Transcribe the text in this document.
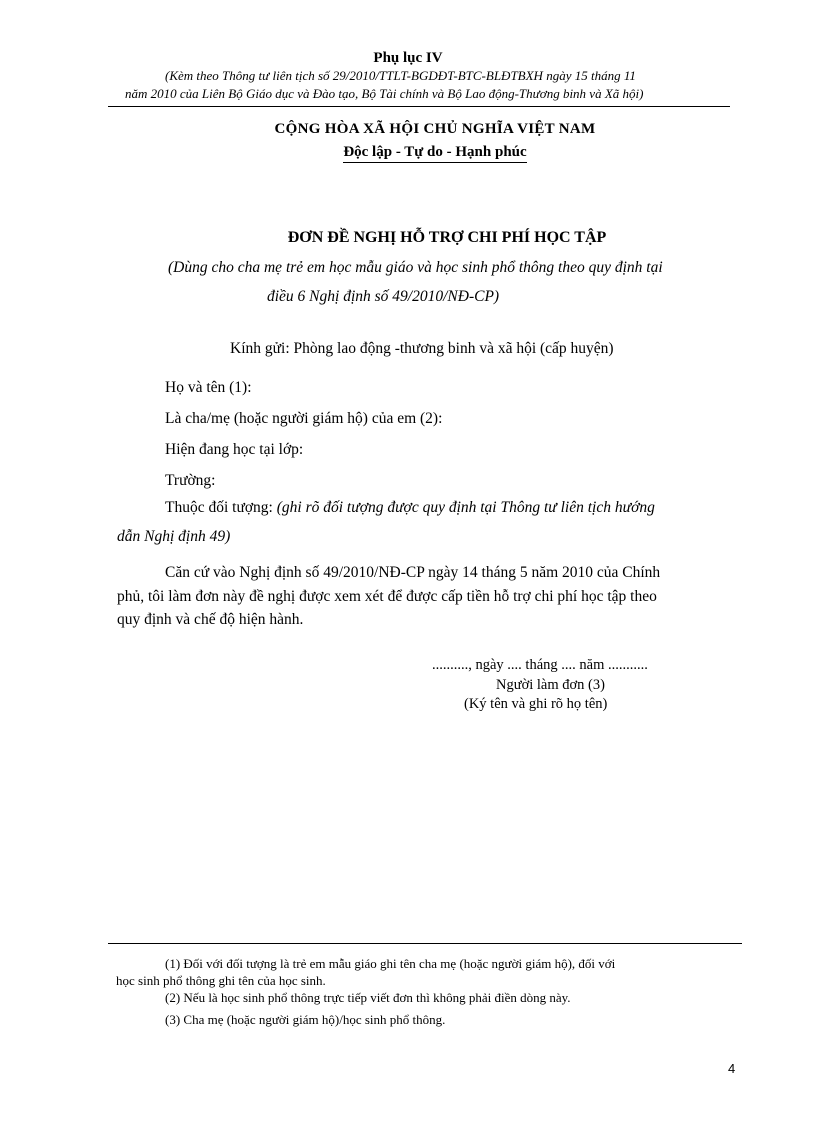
Phụ lục IV
(Kèm theo Thông tư liên tịch số 29/2010/TTLT-BGDĐT-BTC-BLĐTBXH ngày 15 tháng 11
năm 2010 của Liên Bộ Giáo dục và Đào tạo, Bộ Tài chính và Bộ Lao động-Thương binh và Xã hội)
CỘNG HÒA XÃ HỘI CHỦ NGHĨA VIỆT NAM
Độc lập - Tự do - Hạnh phúc
ĐƠN ĐỀ NGHỊ HỖ TRỢ CHI PHÍ HỌC TẬP
(Dùng cho cha mẹ trẻ em học mẫu giáo và học sinh phổ thông theo quy định tại
điều 6 Nghị định số 49/2010/NĐ-CP)
Kính gửi: Phòng lao động -thương binh và xã hội (cấp huyện)
Họ và tên (1):
Là cha/mẹ (hoặc người giám hộ) của em (2):
Hiện đang học tại lớp:
Trường:
Thuộc đối tượng: (ghi rõ đối tượng được quy định tại Thông tư liên tịch hướng
dẫn Nghị định 49)
Căn cứ vào Nghị định số 49/2010/NĐ-CP ngày 14 tháng 5 năm 2010 của Chính
phủ, tôi làm đơn này đề nghị được xem xét để được cấp tiền hỗ trợ chi phí học tập theo
quy định và chế độ hiện hành.
.........., ngày .... tháng .... năm ...........
Người làm đơn (3)
(Ký tên và ghi rõ họ tên)
(1) Đối với đối tượng là trẻ em mẫu giáo ghi tên cha mẹ (hoặc người giám hộ), đối với
học sinh phổ thông ghi tên của học sinh.
(2) Nếu là học sinh phổ thông trực tiếp viết đơn thì không phải điền dòng này.
(3) Cha mẹ (hoặc người giám hộ)/học sinh phổ thông.
4
